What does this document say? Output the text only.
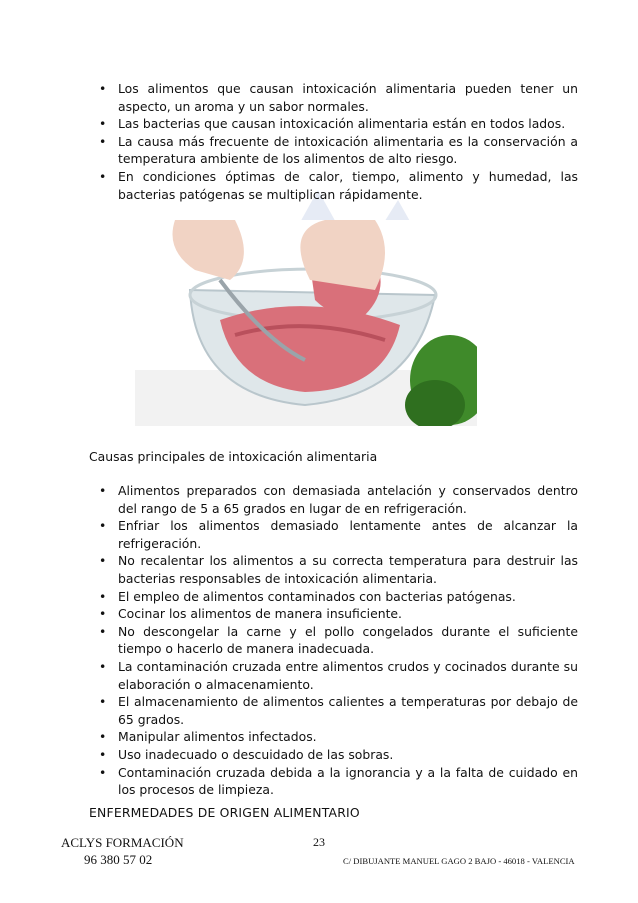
• Los alimentos que causan intoxicación alimentaria pueden tener un aspecto, un aroma y un sabor normales.
• Las bacterias que causan intoxicación alimentaria están en todos lados.
• La causa más frecuente de intoxicación alimentaria es la conservación a temperatura ambiente de los alimentos de alto riesgo.
• En condiciones óptimas de calor, tiempo, alimento y humedad, las bacterias patógenas se multiplican rápidamente.
Causas principales de intoxicación alimentaria
• Alimentos preparados con demasiada antelación y conservados dentro del rango de 5 a 65 grados en lugar de en refrigeración.
• Enfriar los alimentos demasiado lentamente antes de alcanzar la refrigeración.
• No recalentar los alimentos a su correcta temperatura para destruir las bacterias responsables de intoxicación alimentaria.
• El empleo de alimentos contaminados con bacterias patógenas.
• Cocinar los alimentos de manera insuficiente.
• No descongelar la carne y el pollo congelados durante el suficiente tiempo o hacerlo de manera inadecuada.
• La contaminación cruzada entre alimentos crudos y cocinados durante su elaboración o almacenamiento.
• El almacenamiento de alimentos calientes a temperaturas por debajo de 65 grados.
• Manipular alimentos infectados.
• Uso inadecuado o descuidado de las sobras.
• Contaminación cruzada debida a la ignorancia y a la falta de cuidado en los procesos de limpieza.
ENFERMEDADES DE ORIGEN ALIMENTARIO
ACLYS FORMACIÓN
96 380 57 02
23
C/ DIBUJANTE MANUEL GAGO 2 BAJO - 46018 - VALENCIA
